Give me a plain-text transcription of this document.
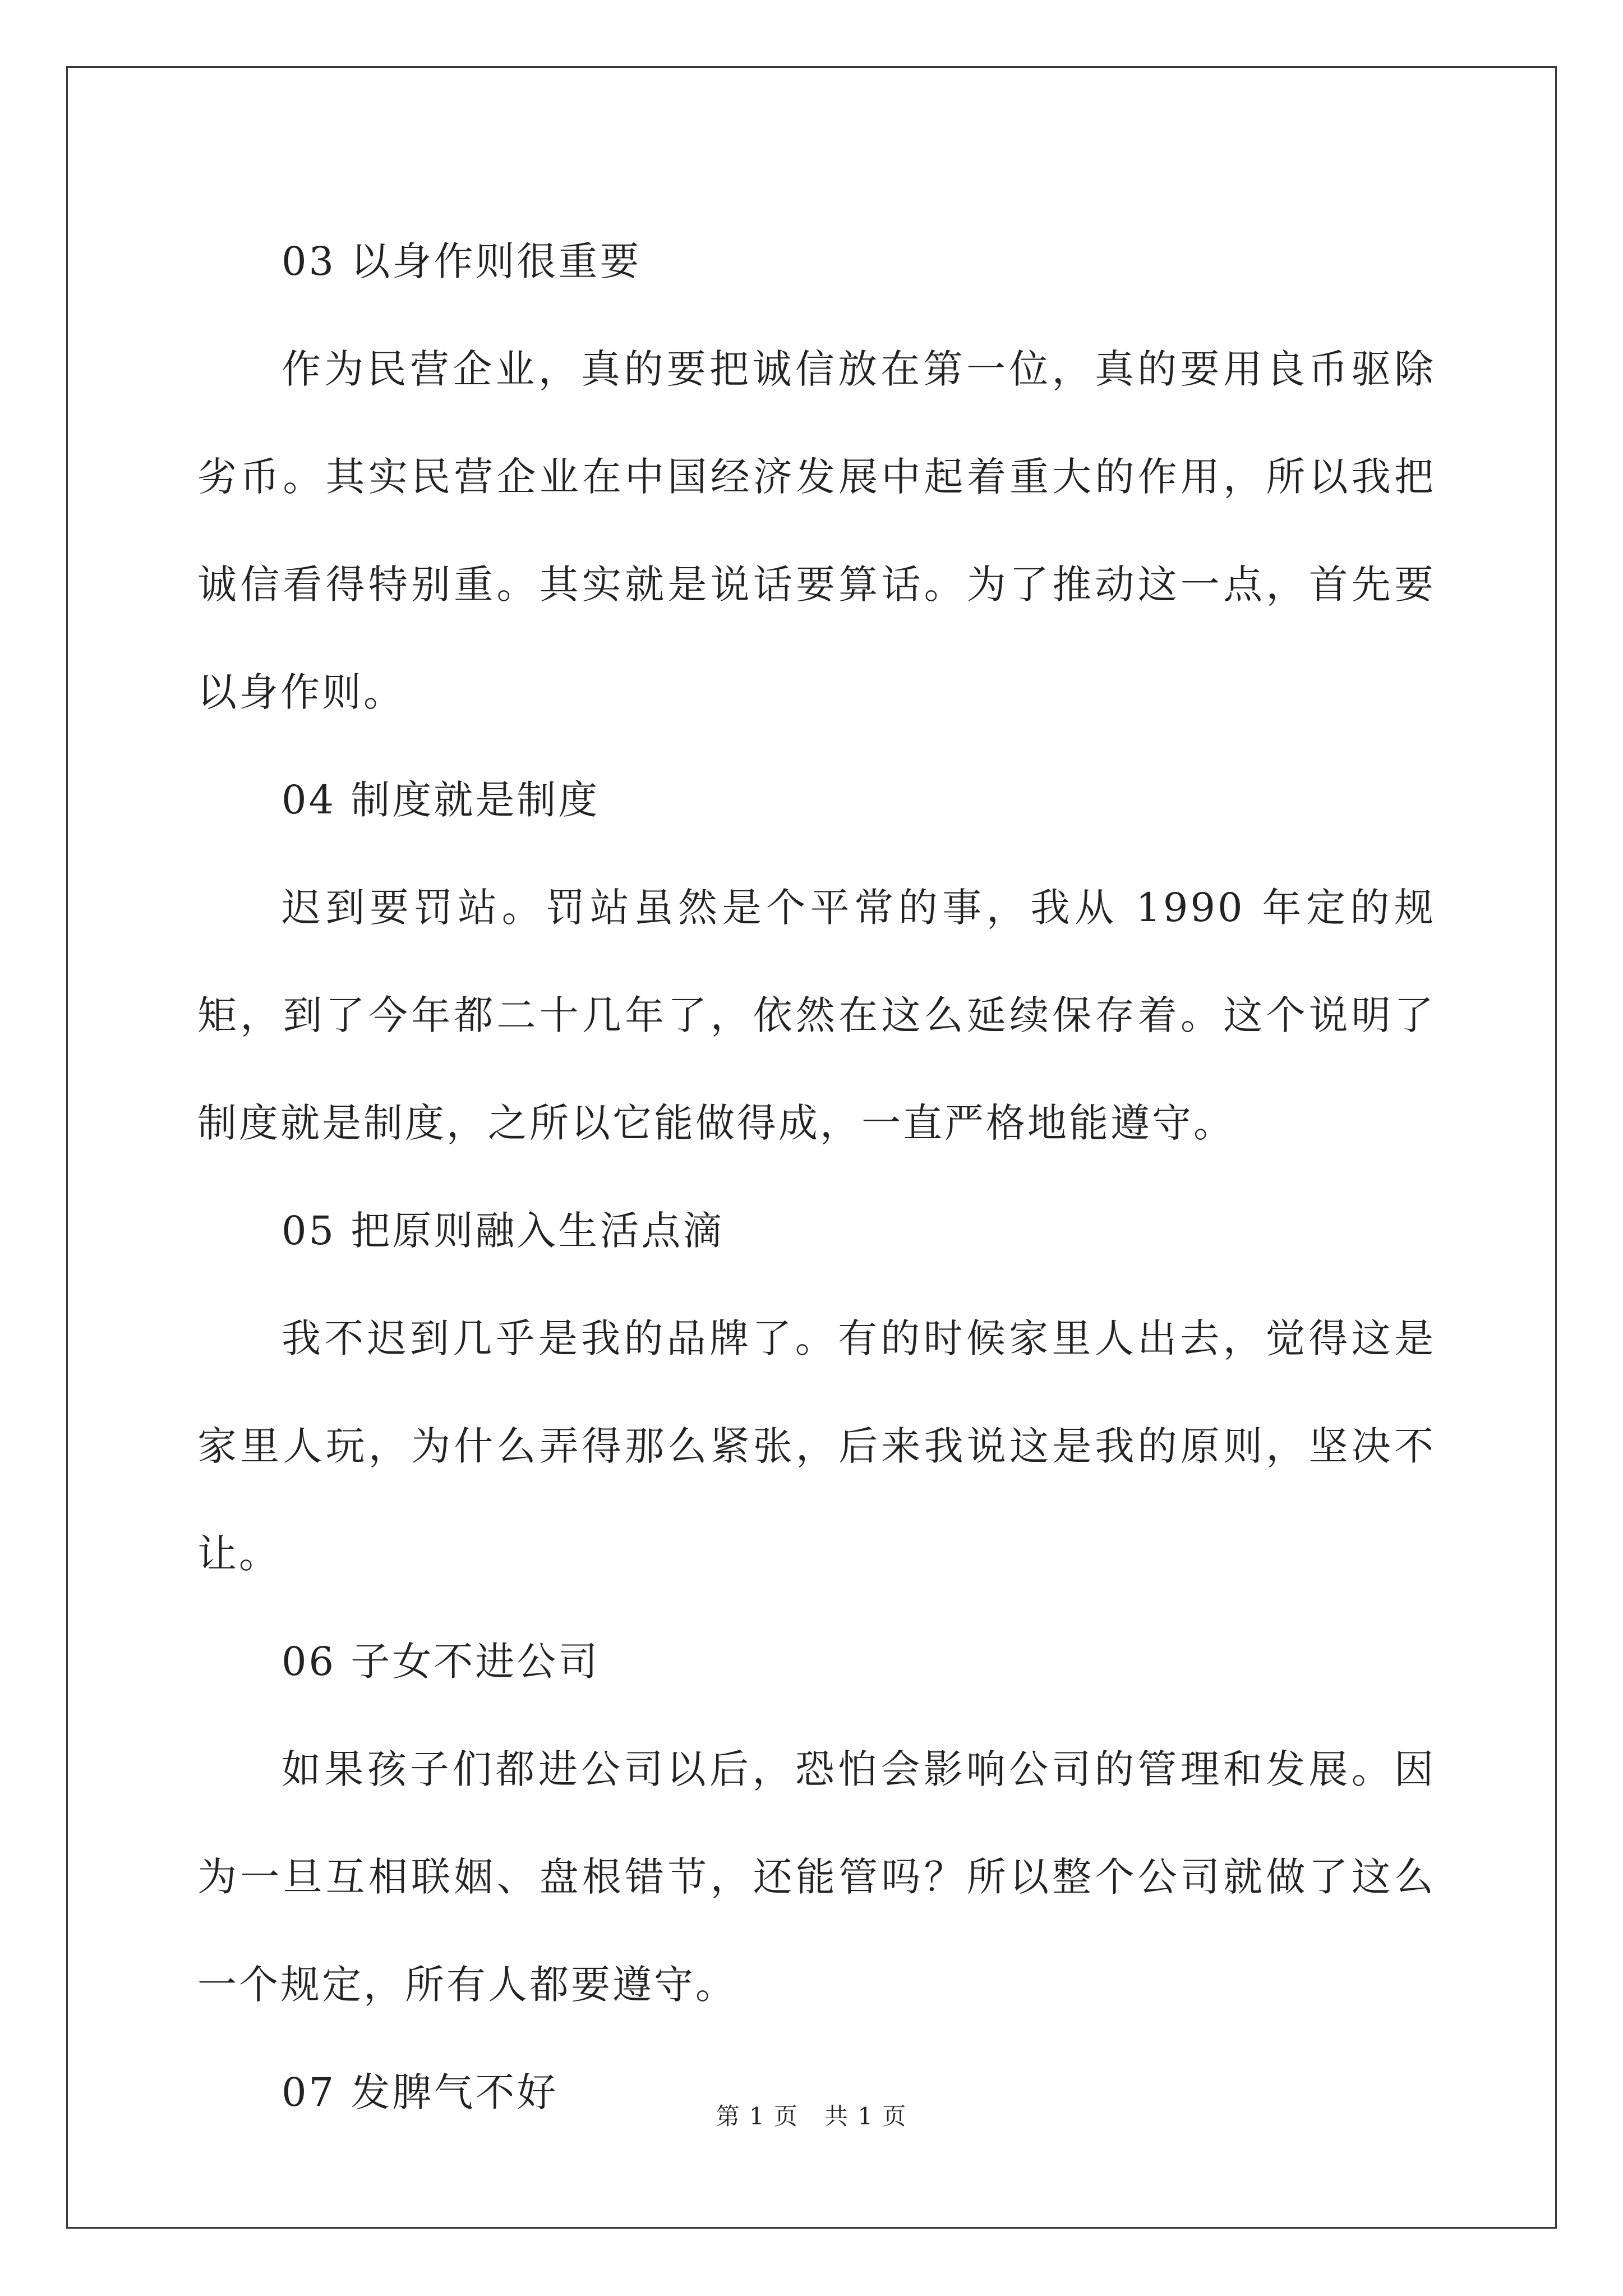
03 以身作则很重要

作为民营企业，真的要把诚信放在第一位，真的要用良币驱除劣币。其实民营企业在中国经济发展中起着重大的作用，所以我把诚信看得特别重。其实就是说话要算话。为了推动这一点，首先要以身作则。

04 制度就是制度

迟到要罚站。罚站虽然是个平常的事，我从 1990 年定的规矩，到了今年都二十几年了，依然在这么延续保存着。这个说明了制度就是制度，之所以它能做得成，一直严格地能遵守。

05 把原则融入生活点滴

我不迟到几乎是我的品牌了。有的时候家里人出去，觉得这是家里人玩，为什么弄得那么紧张，后来我说这是我的原则，坚决不让。

06 子女不进公司

如果孩子们都进公司以后，恐怕会影响公司的管理和发展。因为一旦互相联姻、盘根错节，还能管吗？所以整个公司就做了这么一个规定，所有人都要遵守。

07 发脾气不好

第 1 页 共 1 页
